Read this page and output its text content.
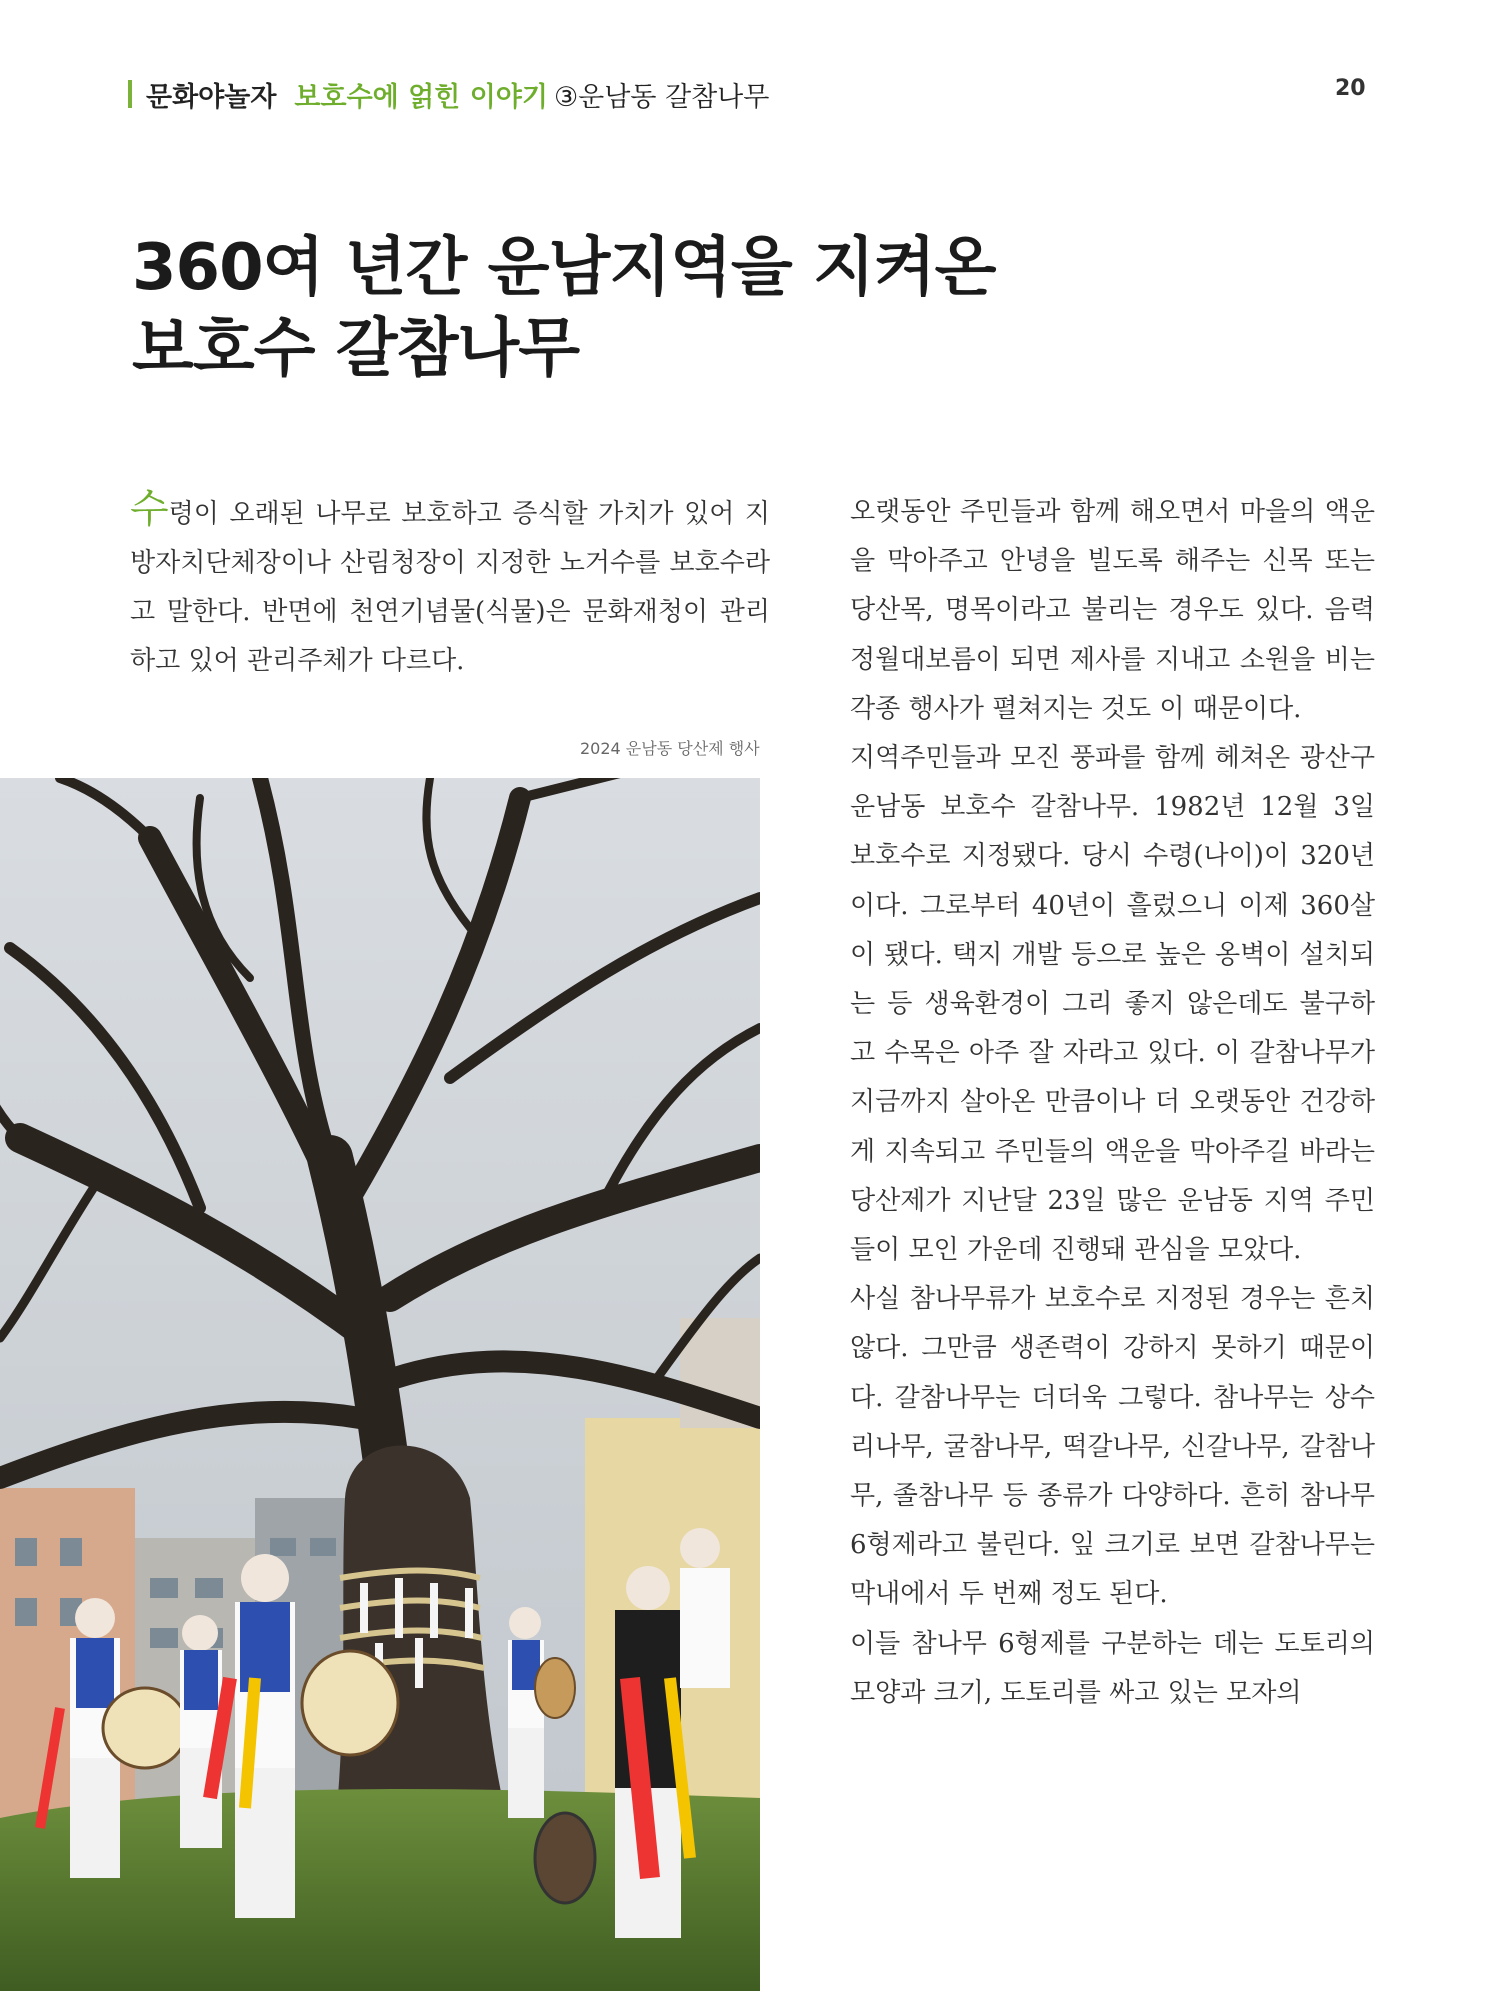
문화야놀자 보호수에 얽힌 이야기 ③운남동 갈참나무	20
360여 년간 운남지역을 지켜온
보호수 갈참나무
수령이 오래된 나무로 보호하고 증식할 가치가 있어 지방자치단체장이나 산림청장이 지정한 노거수를 보호수라고 말한다. 반면에 천연기념물(식물)은 문화재청이 관리하고 있어 관리주체가 다르다.
2024 운남동 당산제 행사

오랫동안 주민들과 함께 해오면서 마을의 액운을 막아주고 안녕을 빌도록 해주는 신목 또는 당산목, 명목이라고 불리는 경우도 있다. 음력 정월대보름이 되면 제사를 지내고 소원을 비는 각종 행사가 펼쳐지는 것도 이 때문이다.

지역주민들과 모진 풍파를 함께 헤쳐온 광산구 운남동 보호수 갈참나무. 1982년 12월 3일 보호수로 지정됐다. 당시 수령(나이)이 320년이다. 그로부터 40년이 흘렀으니 이제 360살이 됐다. 택지 개발 등으로 높은 옹벽이 설치되는 등 생육환경이 그리 좋지 않은데도 불구하고 수목은 아주 잘 자라고 있다. 이 갈참나무가 지금까지 살아온 만큼이나 더 오랫동안 건강하게 지속되고 주민들의 액운을 막아주길 바라는 당산제가 지난달 23일 많은 운남동 지역 주민들이 모인 가운데 진행돼 관심을 모았다.

사실 참나무류가 보호수로 지정된 경우는 흔치 않다. 그만큼 생존력이 강하지 못하기 때문이다. 갈참나무는 더더욱 그렇다. 참나무는 상수리나무, 굴참나무, 떡갈나무, 신갈나무, 갈참나무, 졸참나무 등 종류가 다양하다. 흔히 참나무 6형제라고 불린다. 잎 크기로 보면 갈참나무는 막내에서 두 번째 정도 된다.

이들 참나무 6형제를 구분하는 데는 도토리의 모양과 크기, 도토리를 싸고 있는 모자의
